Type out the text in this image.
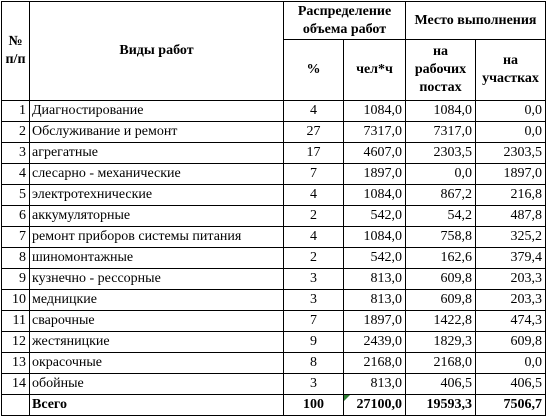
№ п/п	Виды работ	Распределение объема работ		Место выполнения	
		%	чел*ч	на рабочих постах	на участках

1	Диагностирование	4	1084,0	1084,0	0,0
2	Обслуживание и ремонт	27	7317,0	7317,0	0,0
3	агрегатные	17	4607,0	2303,5	2303,5
4	слесарно - механические	7	1897,0	0,0	1897,0
5	электротехнические	4	1084,0	867,2	216,8
6	аккумуляторные	2	542,0	54,2	487,8
7	ремонт приборов системы питания	4	1084,0	758,8	325,2
8	шиномонтажные	2	542,0	162,6	379,4
9	кузнечно - рессорные	3	813,0	609,8	203,3
10	медницкие	3	813,0	609,8	203,3
11	сварочные	7	1897,0	1422,8	474,3
12	жестяницкие	9	2439,0	1829,3	609,8
13	окрасочные	8	2168,0	2168,0	0,0
14	обойные	3	813,0	406,5	406,5
	Всего	100	27100,0	19593,3	7506,7
